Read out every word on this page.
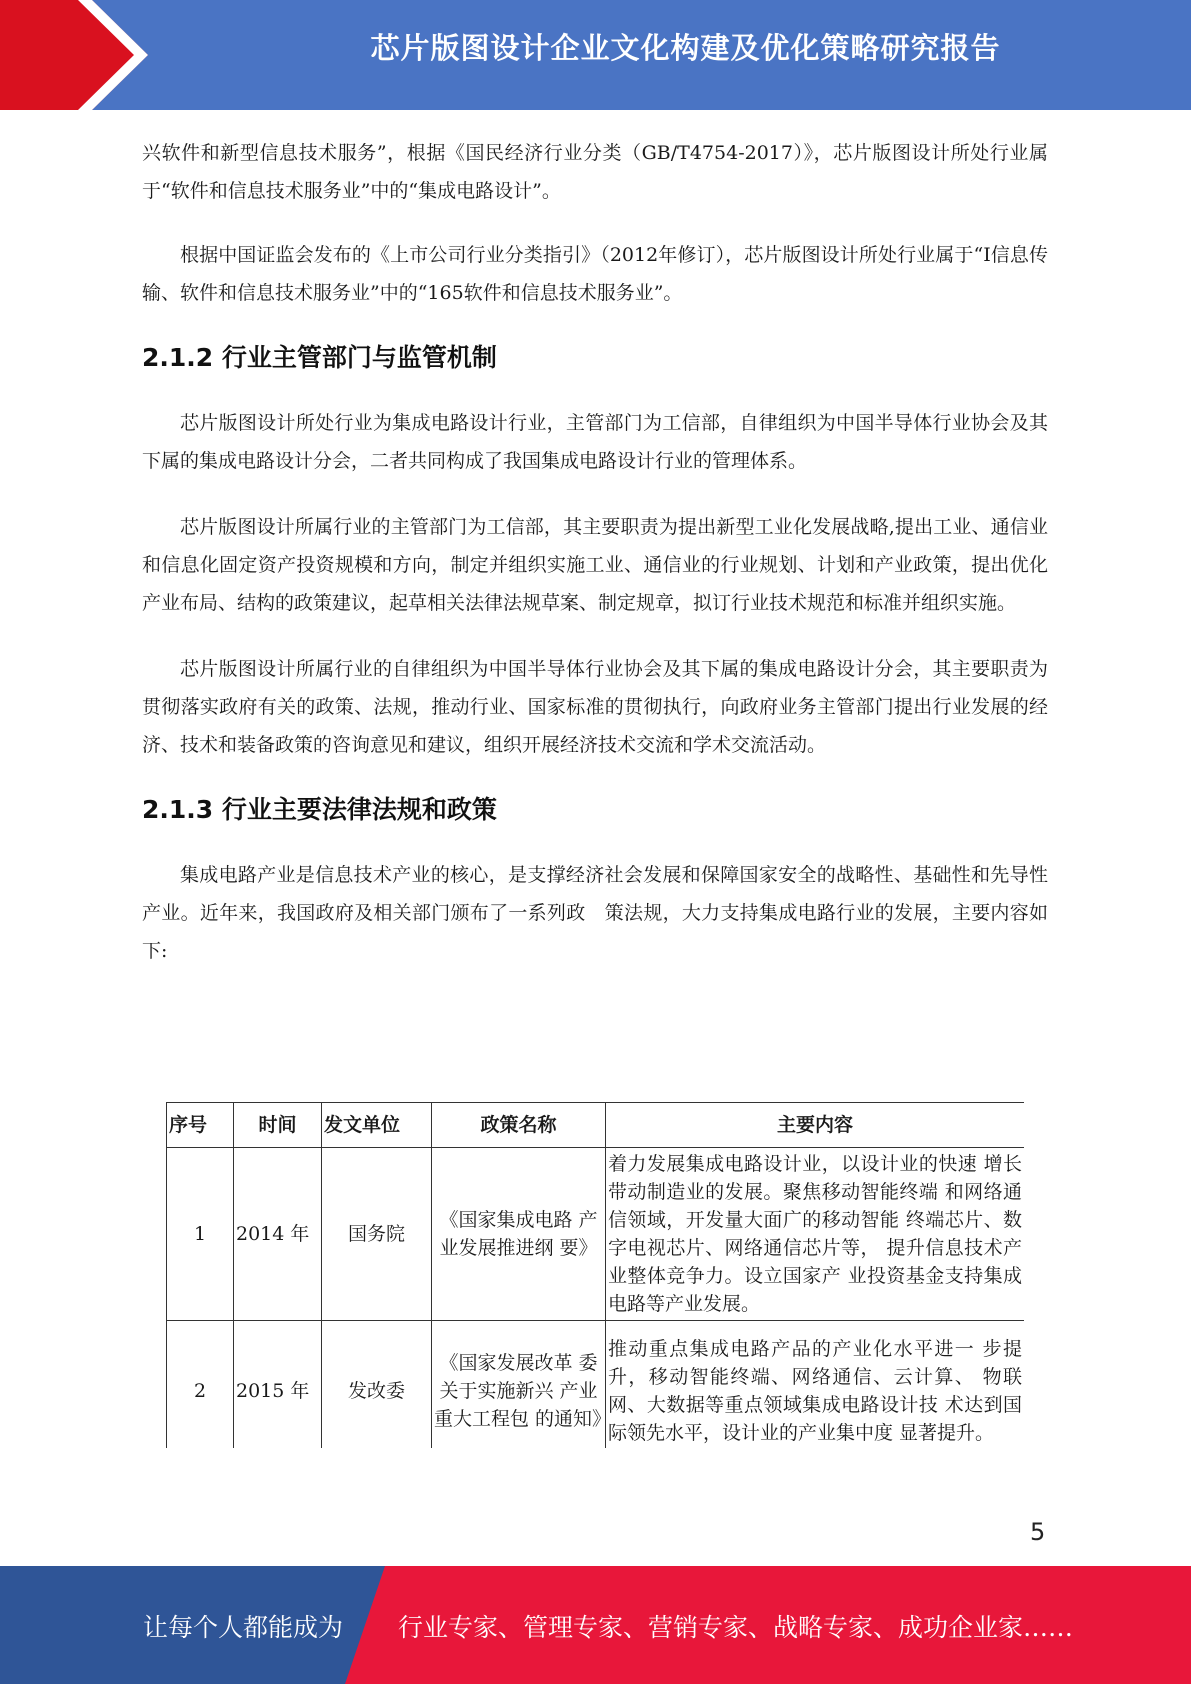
芯片版图设计企业文化构建及优化策略研究报告

兴软件和新型信息技术服务”，根据《国民经济行业分类（GB/T4754-2017）》，芯片版图设计所处行业属于“软件和信息技术服务业”中的“集成电路设计”。

根据中国证监会发布的《上市公司行业分类指引》（2012年修订），芯片版图设计所处行业属于“I信息传输、软件和信息技术服务业”中的“165软件和信息技术服务业”。

2.1.2 行业主管部门与监管机制

芯片版图设计所处行业为集成电路设计行业，主管部门为工信部，自律组织为中国半导体行业协会及其下属的集成电路设计分会，二者共同构成了我国集成电路设计行业的管理体系。

芯片版图设计所属行业的主管部门为工信部，其主要职责为提出新型工业化发展战略,提出工业、通信业和信息化固定资产投资规模和方向，制定并组织实施工业、通信业的行业规划、计划和产业政策，提出优化产业布局、结构的政策建议，起草相关法律法规草案、制定规章，拟订行业技术规范和标准并组织实施。

芯片版图设计所属行业的自律组织为中国半导体行业协会及其下属的集成电路设计分会，其主要职责为贯彻落实政府有关的政策、法规，推动行业、国家标准的贯彻执行，向政府业务主管部门提出行业发展的经济、技术和装备政策的咨询意见和建议，组织开展经济技术交流和学术交流活动。

2.1.3 行业主要法律法规和政策

集成电路产业是信息技术产业的核心，是支撑经济社会发展和保障国家安全的战略性、基础性和先导性产业。近年来，我国政府及相关部门颁布了一系列政　策法规，大力支持集成电路行业的发展，主要内容如下:

序号	时间	发文单位	政策名称	主要内容
1	2014 年	国务院	《国家集成电路 产业发展推进纲 要》	着力发展集成电路设计业，以设计业的快速 增长带动制造业的发展。聚焦移动智能终端 和网络通信领域，开发量大面广的移动智能 终端芯片、数字电视芯片、网络通信芯片等， 提升信息技术产业整体竞争力。设立国家产 业投资基金支持集成电路等产业发展。
2	2015 年	发改委	《国家发展改革 委关于实施新兴 产业重大工程包 的通知》	推动重点集成电路产品的产业化水平进一 步提升，移动智能终端、网络通信、云计算、 物联网、大数据等重点领域集成电路设计技 术达到国际领先水平，设计业的产业集中度 显著提升。
5
让每个人都能成为 行业专家、管理专家、营销专家、战略专家、成功企业家……
